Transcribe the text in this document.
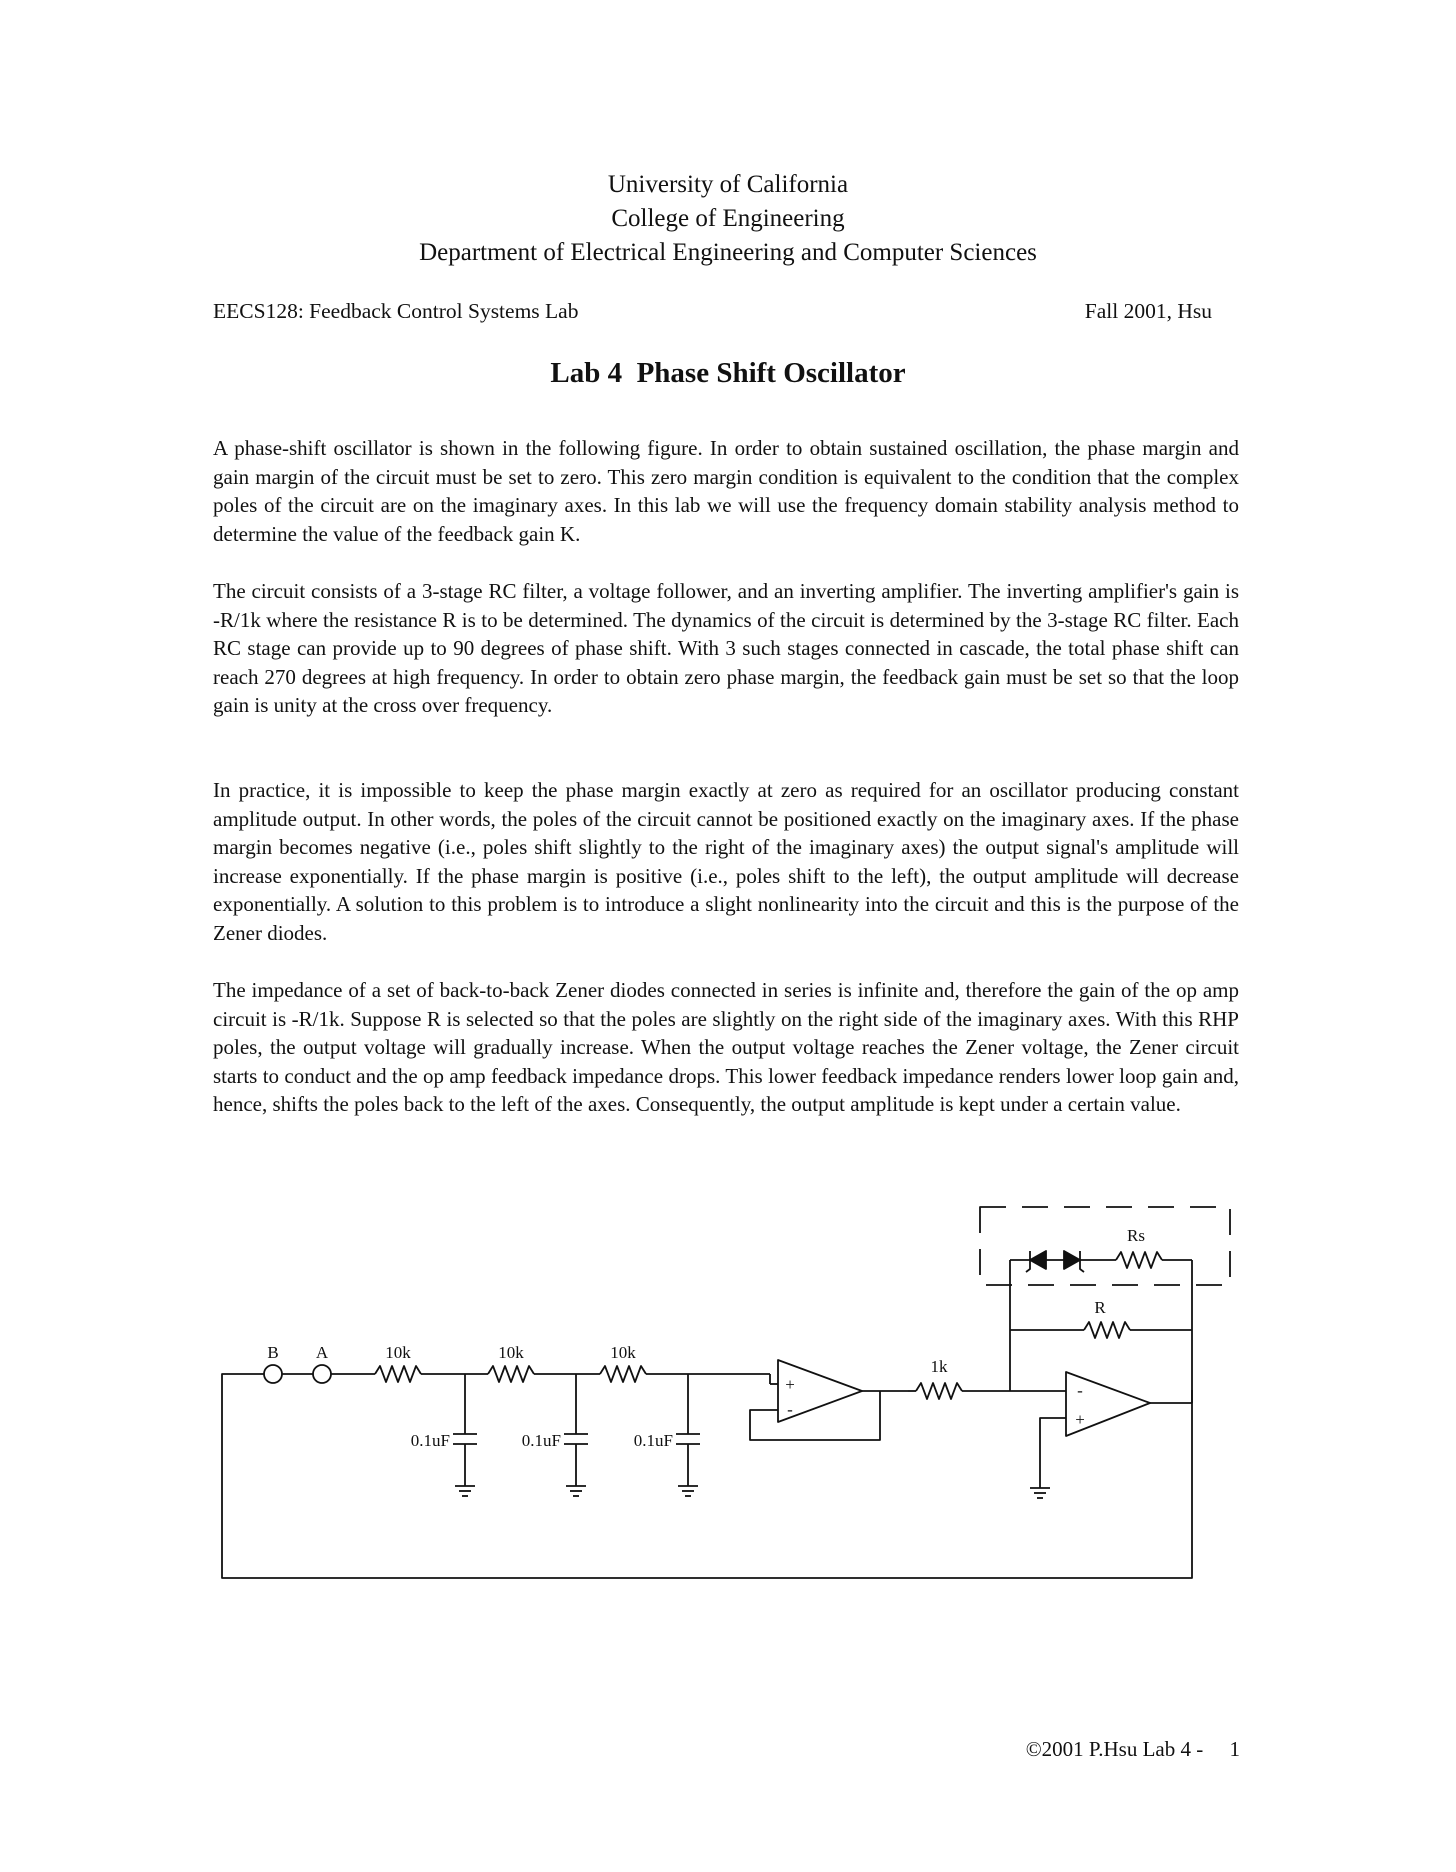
University of California
College of Engineering
Department of Electrical Engineering and Computer Sciences
EECS128: Feedback Control Systems Lab	Fall 2001, Hsu
Lab 4  Phase Shift Oscillator

A phase-shift oscillator is shown in the following figure. In order to obtain sustained oscillation, the phase margin and gain margin of the circuit must be set to zero. This zero margin condition is equivalent to the condition that the complex poles of the circuit are on the imaginary axes. In this lab we will use the frequency domain stability analysis method to determine the value of the feedback gain K.

The circuit consists of a 3-stage RC filter, a voltage follower, and an inverting amplifier. The inverting amplifier's gain is -R/1k where the resistance R is to be determined. The dynamics of the circuit is determined by the 3-stage RC filter. Each RC stage can provide up to 90 degrees of phase shift. With 3 such stages connected in cascade, the total phase shift can reach 270 degrees at high frequency. In order to obtain zero phase margin, the feedback gain must be set so that the loop gain is unity at the cross over frequency.

In practice, it is impossible to keep the phase margin exactly at zero as required for an oscillator producing constant amplitude output. In other words, the poles of the circuit cannot be positioned exactly on the imaginary axes. If the phase margin becomes negative (i.e., poles shift slightly to the right of the imaginary axes) the output signal's amplitude will increase exponentially. If the phase margin is positive (i.e., poles shift to the left), the output amplitude will decrease exponentially. A solution to this problem is to introduce a slight nonlinearity into the circuit and this is the purpose of the Zener diodes.

The impedance of a set of back-to-back Zener diodes connected in series is infinite and, therefore the gain of the op amp circuit is -R/1k. Suppose R is selected so that the poles are slightly on the right side of the imaginary axes. With this RHP poles, the output voltage will gradually increase. When the output voltage reaches the Zener voltage, the Zener circuit starts to conduct and the op amp feedback impedance drops. This lower feedback impedance renders lower loop gain and, hence, shifts the poles back to the left of the axes. Consequently, the output amplitude is kept under a certain value.

B A	10k	10k	10k
0.1uF	0.1uF	0.1uF
1k
R
Rs
+
-
-
+
©2001 P.Hsu Lab 4 -     1
